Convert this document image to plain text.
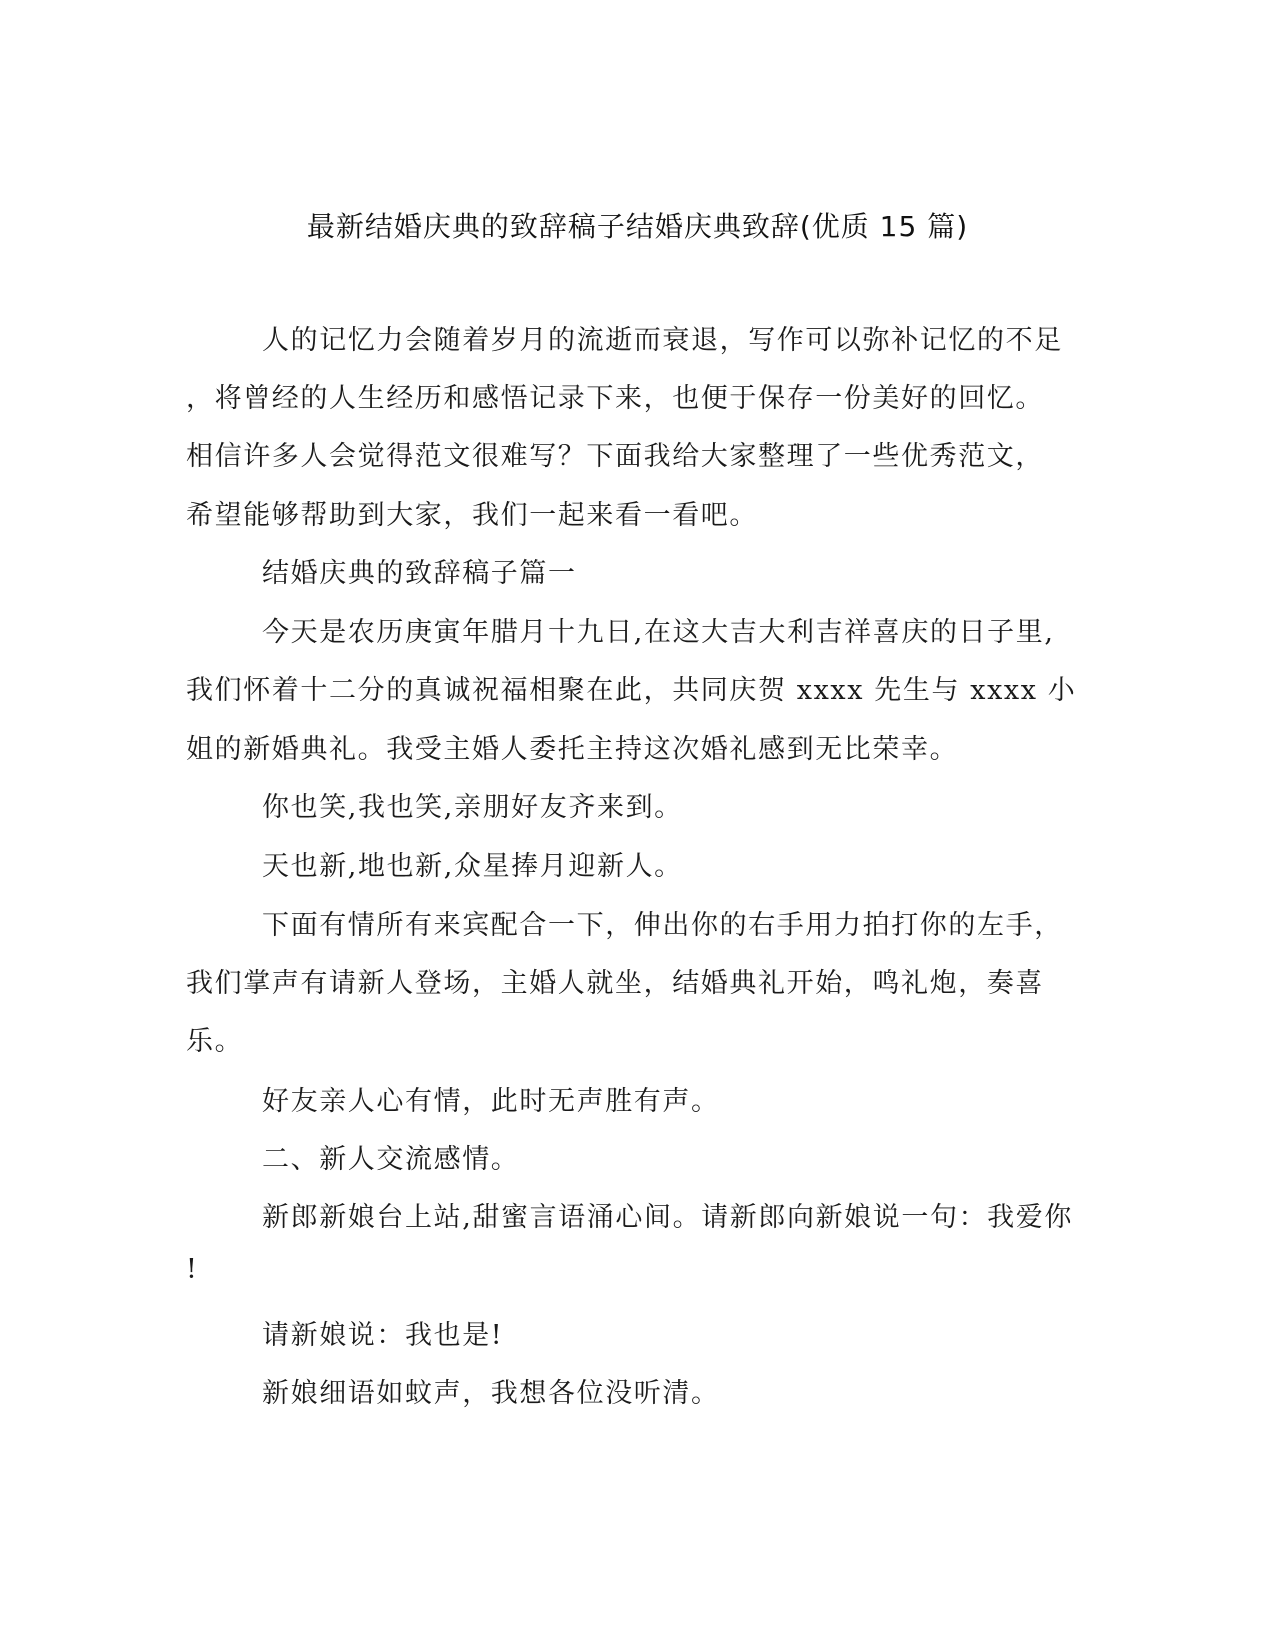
最新结婚庆典的致辞稿子结婚庆典致辞(优质 15 篇)
人的记忆力会随着岁月的流逝而衰退，写作可以弥补记忆的不足
，将曾经的人生经历和感悟记录下来，也便于保存一份美好的回忆。
相信许多人会觉得范文很难写？下面我给大家整理了一些优秀范文，
希望能够帮助到大家，我们一起来看一看吧。
结婚庆典的致辞稿子篇一
今天是农历庚寅年腊月十九日,在这大吉大利吉祥喜庆的日子里,
我们怀着十二分的真诚祝福相聚在此，共同庆贺 xxxx 先生与 xxxx 小
姐的新婚典礼。我受主婚人委托主持这次婚礼感到无比荣幸。
你也笑,我也笑,亲朋好友齐来到。
天也新,地也新,众星捧月迎新人。
下面有情所有来宾配合一下，伸出你的右手用力拍打你的左手，
我们掌声有请新人登场，主婚人就坐，结婚典礼开始，鸣礼炮，奏喜
乐。
好友亲人心有情，此时无声胜有声。
二、新人交流感情。
新郎新娘台上站,甜蜜言语涌心间。请新郎向新娘说一句：我爱你
!
请新娘说：我也是!
新娘细语如蚊声，我想各位没听清。
